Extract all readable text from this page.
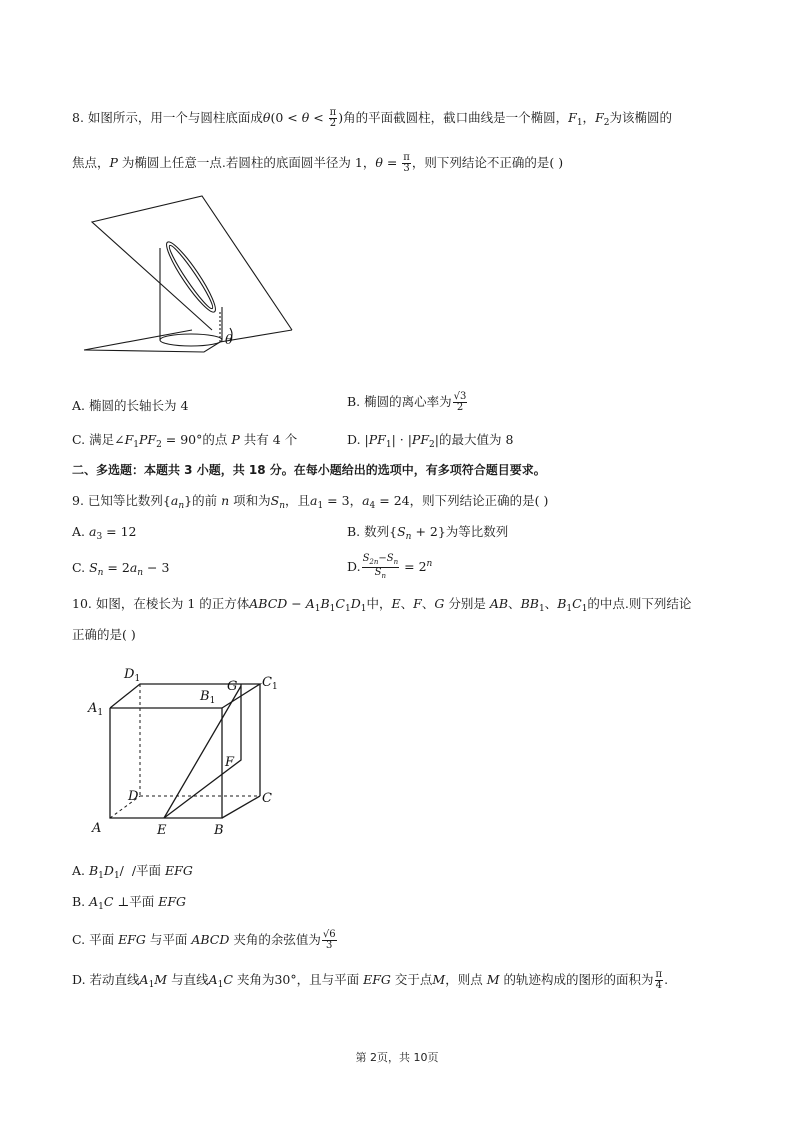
8. 如图所示，用一个与圆柱底面成$\theta(0 < \theta < \frac{\pi}{2}$ )角的平面截圆柱，截口曲线是一个椭圆，$F_1$，$F_2$为该椭圆的
焦点，P 为椭圆上任意一点.若圆柱的底面圆半径为 1，$\theta = \frac{\pi}{3}$ ，则下列结论不正确的是( )
θ
A. 椭圆的长轴长为 4	B. 椭圆的离心率为 $\frac{√3}{2}$
C. 满足$\angle F_1PF_2 = 90^\circ$的点 P 共有 4 个	D. $|PF_1| \cdot |PF_2|$的最大值为 8
二、多选题：本题共 3 小题，共 18 分。在每小题给出的选项中，有多项符合题目要求。
9. 已知等比数列$\{a_n\}$的前 n 项和为$S_n$，且$a_1 = 3$，$a_4 = 24$，则下列结论正确的是( )
A. $a_3 = 12$	B. 数列$\{S_n + 2\}$为等比数列
C. $S_n = 2a_n - 3$	D. $\frac{S_{2n}-S_n}{S_n} = 2^n$
10. 如图，在棱长为 1 的正方体ABCD − $A_1B_1C_1D_1$中，E、F、G 分别是 AB、$BB_1$、$B_1C_1$的中点.则下列结论
正确的是( )
$D_1$
$B_1$
G $C_1$
$A_1$
F
D	C
A	E	B
A. $B_1D_1/$  /平面 EFG
B. $A_1C$ ⊥平面 EFG
C. 平面 EFG 与平面 ABCD 夹角的余弦值为 $\frac{√6}{3}$
D. 若动直线$A_1M$ 与直线$A_1C$ 夹角为30°，且与平面 EFG 交于点M，则点 M 的轨迹构成的图形的面积为 $\frac{\pi}{4}$ .
第 2页，共 10页
